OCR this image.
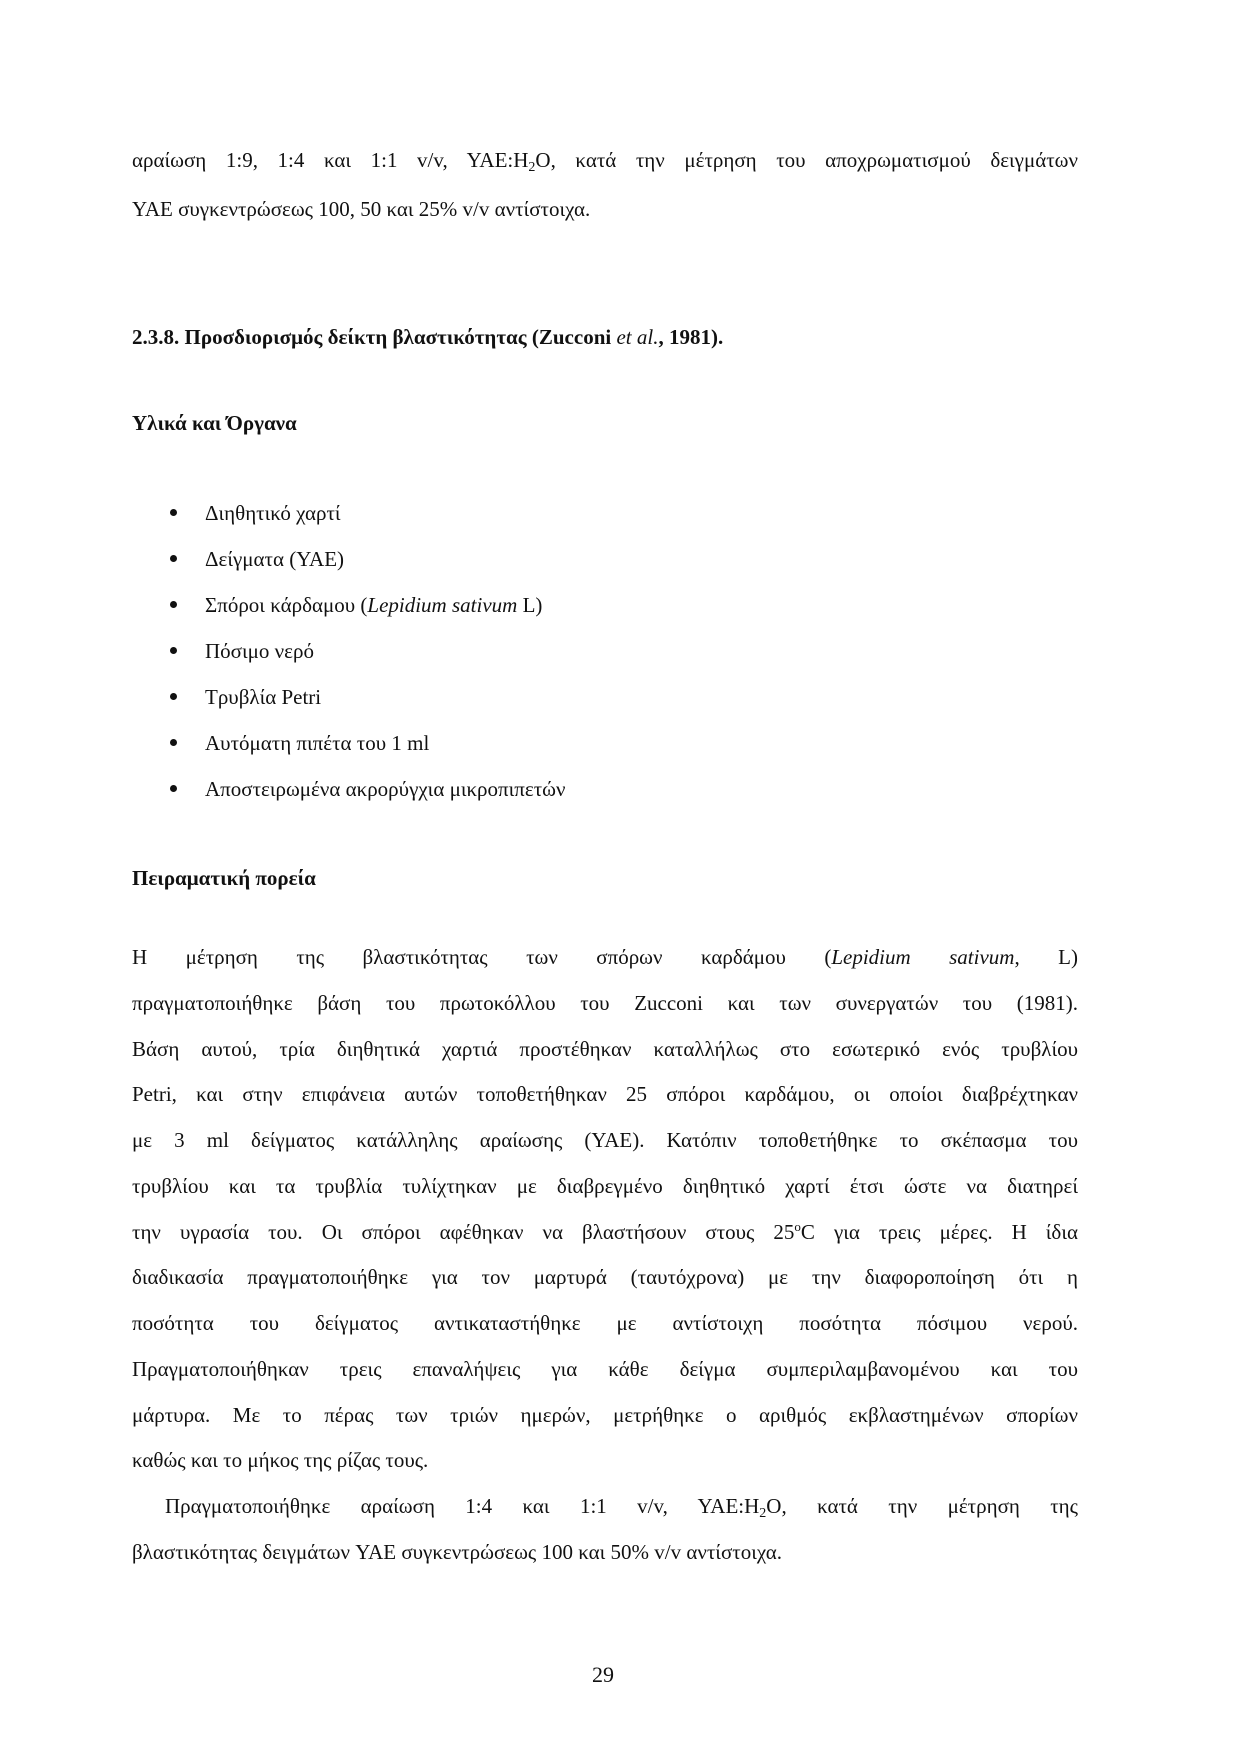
αραίωση 1:9, 1:4 και 1:1 v/v, $YAE:H_2O$, κατά την μέτρηση του αποχρωματισμού δειγμάτων
YAE συγκεντρώσεως 100, 50 και 25% v/v αντίστοιχα.
2.3.8. Προσδιορισμός δείκτη βλαστικότητας (Zucconi et al., 1981).
Υλικά και Όργανα
Διηθητικό χαρτί
Δείγματα (YAE)
Σπόροι κάρδαμου (Lepidium sativum L)
Πόσιμο νερό
Τρυβλία Petri
Αυτόματη πιπέτα του 1 ml
Αποστειρωμένα ακρορύγχια μικροπιπετών
Πειραματική πορεία
Η μέτρηση της βλαστικότητας των σπόρων καρδάμου (Lepidium sativum, L)
πραγματοποιήθηκε βάση του πρωτοκόλλου του Zucconi και των συνεργατών του (1981).
Βάση αυτού, τρία διηθητικά χαρτιά προστέθηκαν καταλλήλως στο εσωτερικό ενός τρυβλίου
Petri, και στην επιφάνεια αυτών τοποθετήθηκαν 25 σπόροι καρδάμου, οι οποίοι διαβρέχτηκαν
με 3 ml δείγματος κατάλληλης αραίωσης (YAE). Κατόπιν τοποθετήθηκε το σκέπασμα του
τρυβλίου και τα τρυβλία τυλίχτηκαν με διαβρεγμένο διηθητικό χαρτί έτσι ώστε να διατηρεί
την υγρασία του. Οι σπόροι αφέθηκαν να βλαστήσουν στους 25$^o$C για τρεις μέρες. Η ίδια
διαδικασία πραγματοποιήθηκε για τον μαρτυρά (ταυτόχρονα) με την διαφοροποίηση ότι η
ποσότητα του δείγματος αντικαταστήθηκε με αντίστοιχη ποσότητα πόσιμου νερού.
Πραγματοποιήθηκαν τρεις επαναλήψεις για κάθε δείγμα συμπεριλαμβανομένου και του
μάρτυρα. Με το πέρας των τριών ημερών, μετρήθηκε ο αριθμός εκβλαστημένων σπορίων
καθώς και το μήκος της ρίζας τους.
Πραγματοποιήθηκε αραίωση 1:4 και 1:1 v/v, $YAE:H_2O$, κατά την μέτρηση της
βλαστικότητας δειγμάτων YAE συγκεντρώσεως 100 και 50% v/v αντίστοιχα.
29
